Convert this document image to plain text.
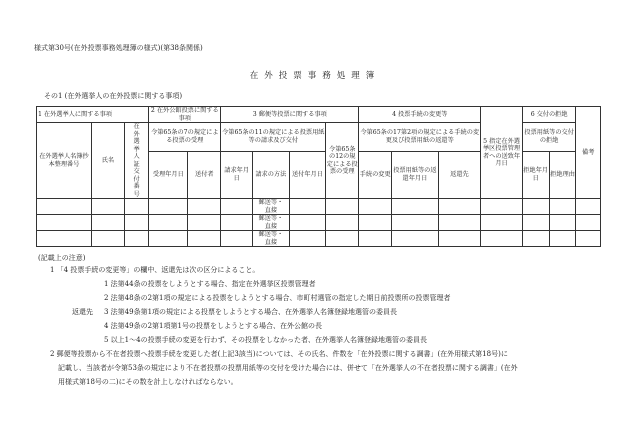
様式第30号(在外投票事務処理簿の様式)(第38条関係)
在外投票事務処理簿
その1 (在外選挙人の在外投票に関する事項)
1 在外選挙人に関する事項			2 在外公館投票に関する事項		3 郵便等投票に関する事項				4 投票手続の変更等			5 指定在外選挙区投票管理者への送致年月日	6 交付の拒絶		備考
在外選挙人名簿抄本整理番号	氏名	在外選挙人証交付番号	令第65条の7の規定による投票の受理		令第65条の11の規定による投票用紙等の請求及び交付			令第65条の12の規定による投票の受理	令第65条の17第2項の規定による手続の変更及び投票用紙の返還等				投票用紙等の交付の拒絶		
			受理年月日	送付者	請求年月日	請求の方法	送付年月日		手続の変更	投票用紙等の返還年月日	返還先		拒絶年月日	拒絶理由	
						郵送等・
直接									
						郵送等・
直接									
						郵送等・
直接									
(記載上の注意)
1 「4 投票手続の変更等」の欄中、返還先は次の区分によること。
1 法第44条の投票をしようとする場合、指定在外選挙区投票管理者
2 法第48条の2第1項の規定による投票をしようとする場合、市町村選管の指定した期日前投票所の投票管理者
返還先 3 法第49条第1項の規定による投票をしようとする場合、在外選挙人名簿登録地選管の委員長
4 法第49条の2第1項第1号の投票をしようとする場合、在外公館の長
5 以上1〜4の投票手続の変更を行わず、その投票をしなかった者、在外選挙人名簿登録地選管の委員長
2 郵便等投票から不在者投票へ投票手続を変更した者(上記3該当)については、その氏名、件数を「在外投票に関する調書」(在外用様式第18号)に
記載し、当該者が令第53条の規定により不在者投票の投票用紙等の交付を受けた場合には、併せて「在外選挙人の不在者投票に関する調書」(在外
用様式第18号の二)にその数を計上しなければならない。
